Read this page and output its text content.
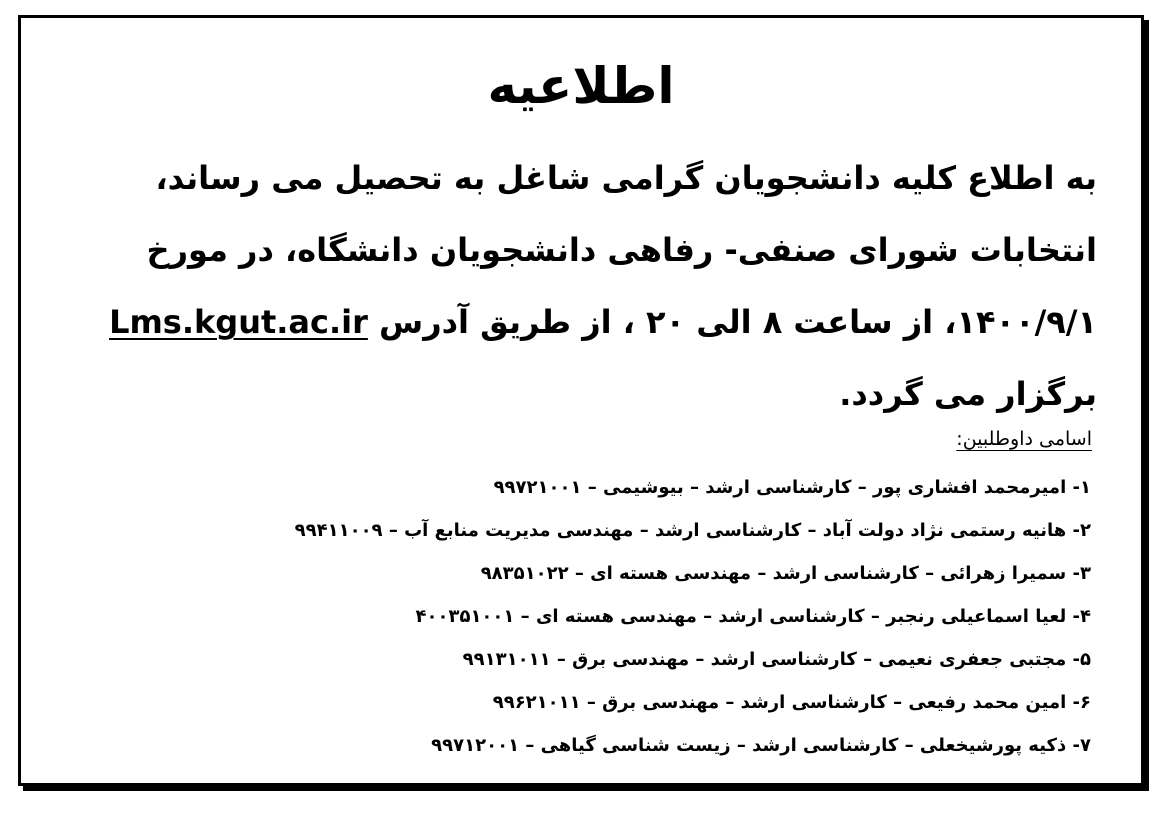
اطلاعیه
به اطلاع کلیه دانشجویان گرامی شاغل به تحصیل می رساند،
انتخابات شورای صنفی- رفاهی دانشجویان دانشگاه، در مورخ
۱۴۰۰/۹/۱، از ساعت ۸ الی ۲۰ ، از طریق آدرس Lms.kgut.ac.ir
برگزار می گردد.
اسامی داوطلبین:
۱- امیرمحمد افشاری پور – کارشناسی ارشد – بیوشیمی – ۹۹۷۲۱۰۰۱
۲- هانیه رستمی نژاد دولت آباد – کارشناسی ارشد – مهندسی مدیریت منابع آب – ۹۹۴۱۱۰۰۹
۳- سمیرا زهرائی – کارشناسی ارشد – مهندسی هسته ای – ۹۸۳۵۱۰۲۲
۴- لعیا اسماعیلی رنجبر – کارشناسی ارشد – مهندسی هسته ای – ۴۰۰۳۵۱۰۰۱
۵- مجتبی جعفری نعیمی – کارشناسی ارشد – مهندسی برق – ۹۹۱۳۱۰۱۱
۶- امین محمد رفیعی – کارشناسی ارشد – مهندسی برق – ۹۹۶۲۱۰۱۱
۷- ذکیه پورشیخعلی – کارشناسی ارشد – زیست شناسی گیاهی – ۹۹۷۱۲۰۰۱
